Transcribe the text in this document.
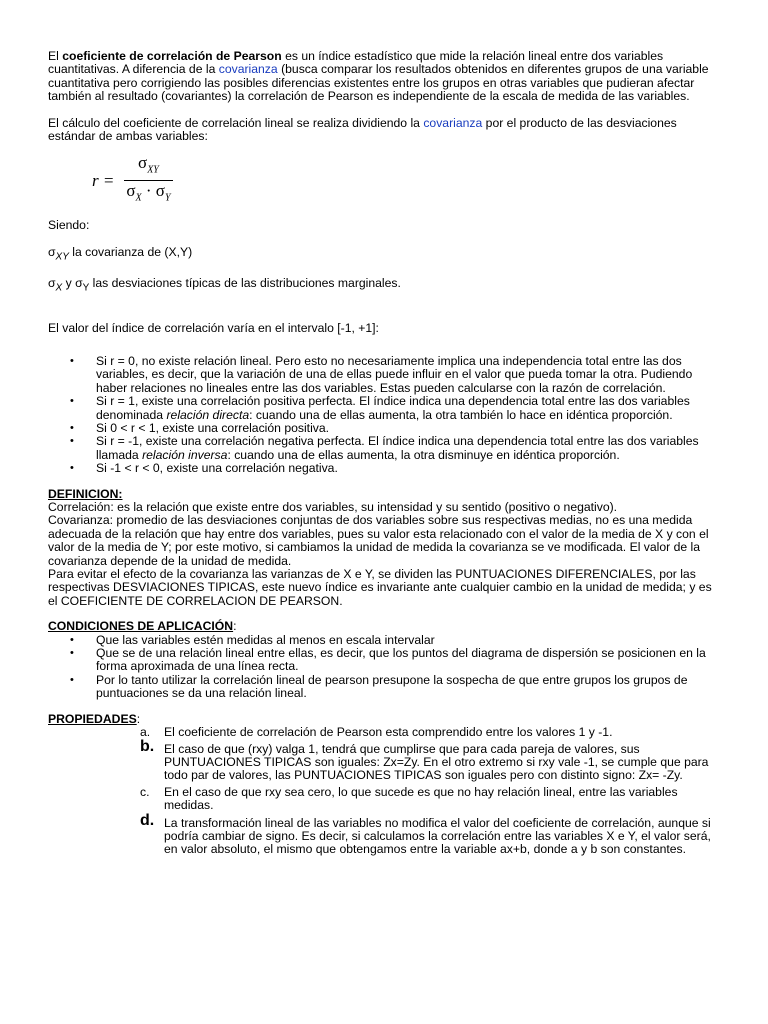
El coeficiente de correlación de Pearson es un índice estadístico que mide la relación lineal entre dos variables cuantitativas. A diferencia de la covarianza (busca comparar los resultados obtenidos en diferentes grupos de una variable cuantitativa pero corrigiendo las posibles diferencias existentes entre los grupos en otras variables que pudieran afectar también al resultado (covariantes) la correlación de Pearson es independiente de la escala de medida de las variables.

El cálculo del coeficiente de correlación lineal se realiza dividiendo la covarianza por el producto de las desviaciones estándar de ambas variables:

$r = \frac{\sigma_{XY}}{\sigma_X \cdot \sigma_Y}$

Siendo:

$\sigma_{XY}$ la covarianza de (X,Y)

$\sigma_X$ y $\sigma_Y$ las desviaciones típicas de las distribuciones marginales.

El valor del índice de correlación varía en el intervalo [-1, +1]:

• Si r = 0, no existe relación lineal. Pero esto no necesariamente implica una independencia total entre las dos variables, es decir, que la variación de una de ellas puede influir en el valor que pueda tomar la otra. Pudiendo haber relaciones no lineales entre las dos variables. Estas pueden calcularse con la razón de correlación.
• Si r = 1, existe una correlación positiva perfecta. El índice indica una dependencia total entre las dos variables denominada relación directa: cuando una de ellas aumenta, la otra también lo hace en idéntica proporción.
• Si 0 < r < 1, existe una correlación positiva.
• Si r = -1, existe una correlación negativa perfecta. El índice indica una dependencia total entre las dos variables llamada relación inversa: cuando una de ellas aumenta, la otra disminuye en idéntica proporción.
• Si -1 < r < 0, existe una correlación negativa.

DEFINICION:

Correlación: es la relación que existe entre dos variables, su intensidad y su sentido (positivo o negativo).

Covarianza: promedio de las desviaciones conjuntas de dos variables sobre sus respectivas medias, no es una medida adecuada de la relación que hay entre dos variables, pues su valor esta relacionado con el valor de la media de X y con el valor de la media de Y; por este motivo, si cambiamos la unidad de medida la covarianza se ve modificada. El valor de la covarianza depende de la unidad de medida.

Para evitar el efecto de la covarianza las varianzas de X e Y, se dividen las PUNTUACIONES DIFERENCIALES, por las respectivas DESVIACIONES TIPICAS, este nuevo índice es invariante ante cualquier cambio en la unidad de medida; y es el COEFICIENTE DE CORRELACION DE PEARSON.

CONDICIONES DE APLICACIÓN:

• Que las variables estén medidas al menos en escala intervalar
• Que se de una relación lineal entre ellas, es decir, que los puntos del diagrama de dispersión se posicionen en la forma aproximada de una línea recta.
• Por lo tanto utilizar la correlación lineal de pearson presupone la sospecha de que entre grupos los grupos de puntuaciones se da una relación lineal.

PROPIEDADES:

a. El coeficiente de correlación de Pearson esta comprendido entre los valores 1 y -1.
b. El caso de que (rxy) valga 1, tendrá que cumplirse que para cada pareja de valores, sus PUNTUACIONES TIPICAS son iguales: Zx=Zy. En el otro extremo si rxy vale -1, se cumple que para todo par de valores, las PUNTUACIONES TIPICAS son iguales pero con distinto signo: Zx= -Zy.
c. En el caso de que rxy sea cero, lo que sucede es que no hay relación lineal, entre las variables medidas.
d. La transformación lineal de las variables no modifica el valor del coeficiente de correlación, aunque si podría cambiar de signo. Es decir, si calculamos la correlación entre las variables X e Y, el valor será, en valor absoluto, el mismo que obtengamos entre la variable ax+b, donde a y b son constantes.
